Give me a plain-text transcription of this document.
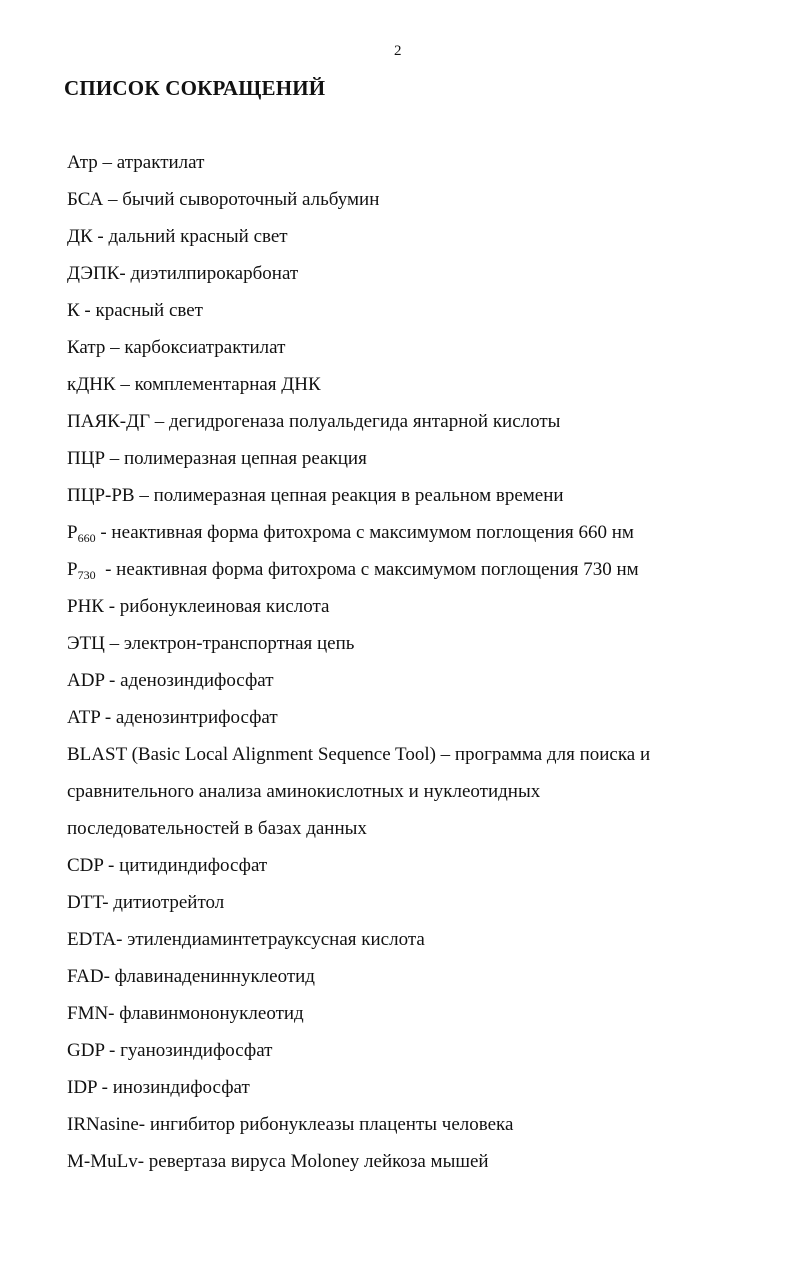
2
СПИСОК СОКРАЩЕНИЙ
Атр – атрактилат
БСА – бычий сывороточный альбумин
ДК - дальний красный свет
ДЭПК- диэтилпирокарбонат
К - красный свет
Катр – карбоксиатрактилат
кДНК – комплементарная ДНК
ПАЯК-ДГ – дегидрогеназа полуальдегида янтарной кислоты
ПЦР – полимеразная цепная реакция
ПЦР-РВ – полимеразная цепная реакция в реальном времени
$P_{660}$ - неактивная форма фитохрома с максимумом поглощения 660 нм
$P_{730}$  - неактивная форма фитохрома с максимумом поглощения 730 нм
РНК - рибонуклеиновая кислота
ЭТЦ – электрон-транспортная цепь
ADP - аденозиндифосфат
ATP - аденозинтрифосфат
BLAST (Basic Local Alignment Sequence Tool) – программа для поиска и
сравнительного анализа аминокислотных и нуклеотидных
последовательностей в базах данных
CDP - цитидиндифосфат
DTT- дитиотрейтол
EDTA- этилендиаминтетрауксусная кислота
FAD- флавинадениннуклеотид
FMN- флавинмононуклеотид
GDP - гуанозиндифосфат
IDP - инозиндифосфат
IRNasine- ингибитор рибонуклеазы плаценты человека
M-MuLv- ревертаза вируса Moloney лейкоза мышей
